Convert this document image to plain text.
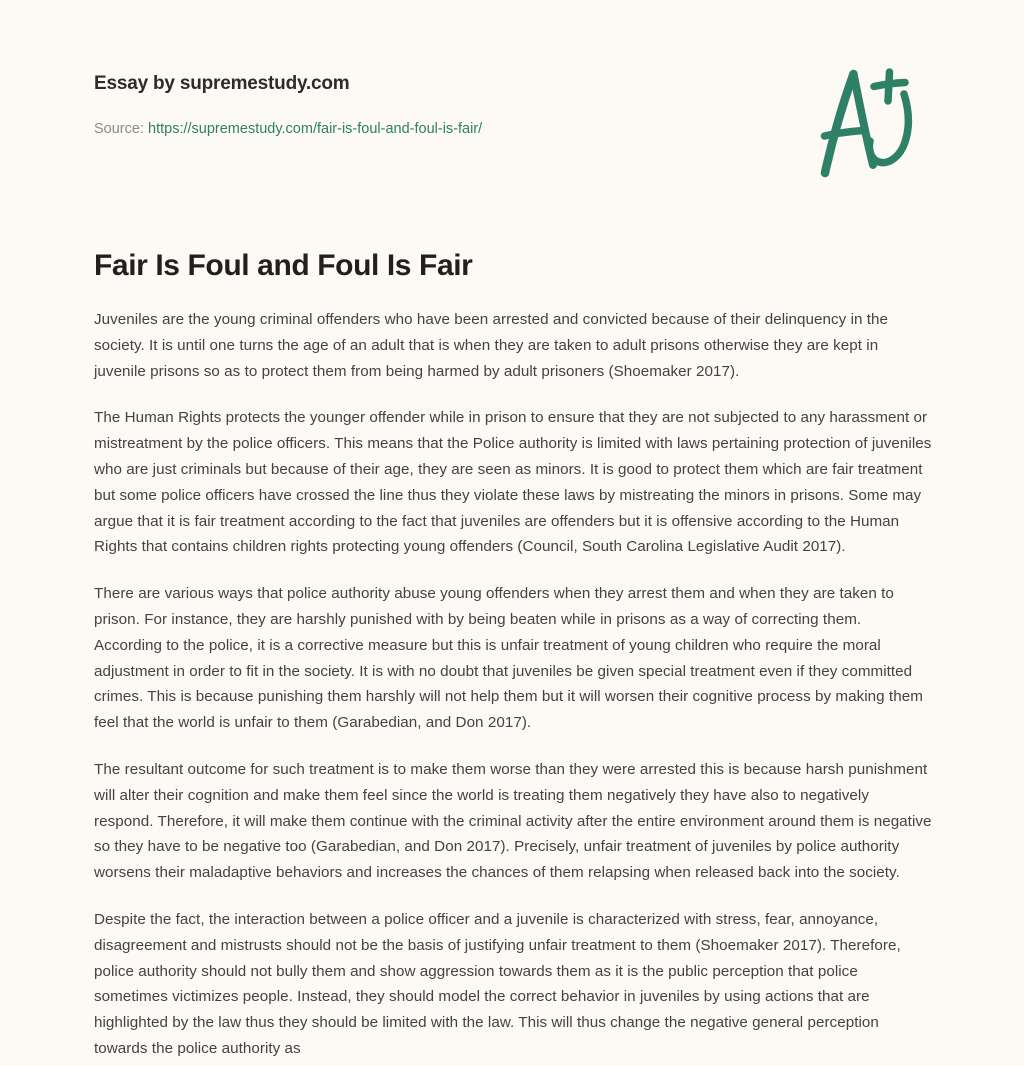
Essay by supremestudy.com
Source: https://supremestudy.com/fair-is-foul-and-foul-is-fair/
Fair Is Foul and Foul Is Fair

Juveniles are the young criminal offenders who have been arrested and convicted because of their delinquency in the society. It is until one turns the age of an adult that is when they are taken to adult prisons otherwise they are kept in juvenile prisons so as to protect them from being harmed by adult prisoners (Shoemaker 2017).

The Human Rights protects the younger offender while in prison to ensure that they are not subjected to any harassment or mistreatment by the police officers. This means that the Police authority is limited with laws pertaining protection of juveniles who are just criminals but because of their age, they are seen as minors. It is good to protect them which are fair treatment but some police officers have crossed the line thus they violate these laws by mistreating the minors in prisons. Some may argue that it is fair treatment according to the fact that juveniles are offenders but it is offensive according to the Human Rights that contains children rights protecting young offenders (Council, South Carolina Legislative Audit 2017).

There are various ways that police authority abuse young offenders when they arrest them and when they are taken to prison. For instance, they are harshly punished with by being beaten while in prisons as a way of correcting them. According to the police, it is a corrective measure but this is unfair treatment of young children who require the moral adjustment in order to fit in the society. It is with no doubt that juveniles be given special treatment even if they committed crimes. This is because punishing them harshly will not help them but it will worsen their cognitive process by making them feel that the world is unfair to them (Garabedian, and Don 2017).

The resultant outcome for such treatment is to make them worse than they were arrested this is because harsh punishment will alter their cognition and make them feel since the world is treating them negatively they have also to negatively respond. Therefore, it will make them continue with the criminal activity after the entire environment around them is negative so they have to be negative too (Garabedian, and Don 2017). Precisely, unfair treatment of juveniles by police authority worsens their maladaptive behaviors and increases the chances of them relapsing when released back into the society.

Despite the fact, the interaction between a police officer and a juvenile is characterized with stress, fear, annoyance, disagreement and mistrusts should not be the basis of justifying unfair treatment to them (Shoemaker 2017). Therefore, police authority should not bully them and show aggression towards them as it is the public perception that police sometimes victimizes people. Instead, they should model the correct behavior in juveniles by using actions that are highlighted by the law thus they should be limited with the law. This will thus change the negative general perception towards the police authority as
